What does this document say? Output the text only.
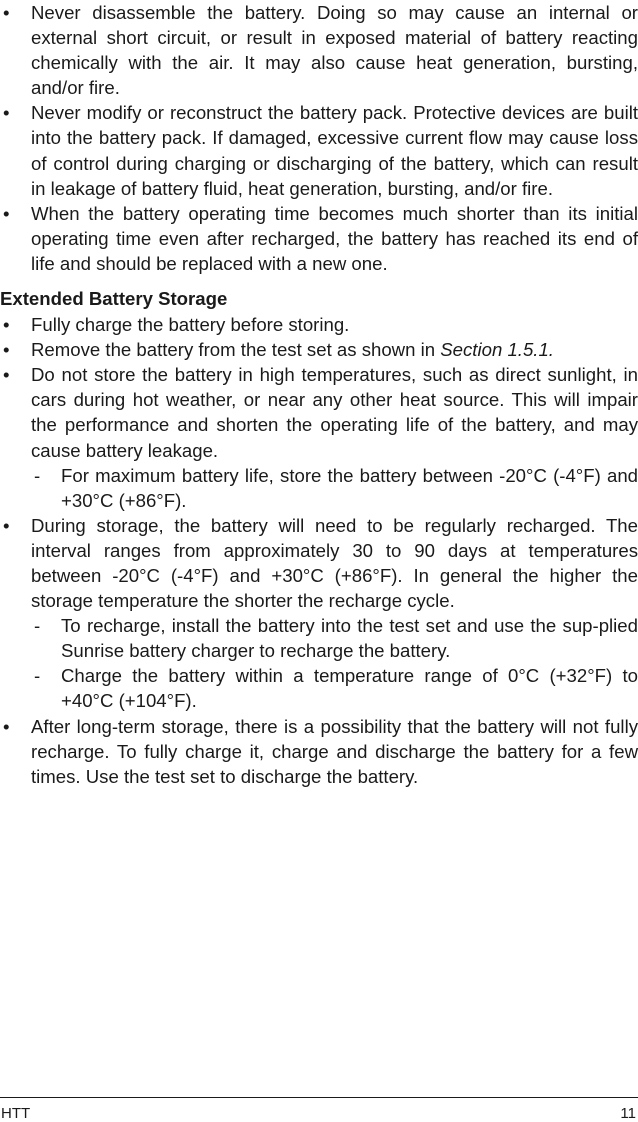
• Never disassemble the battery. Doing so may cause an internal or external short circuit, or result in exposed material of battery reacting chemically with the air. It may also cause heat generation, bursting, and/or fire.
• Never modify or reconstruct the battery pack. Protective devices are built into the battery pack. If damaged, excessive current flow may cause loss of control during charging or discharging of the battery, which can result in leakage of battery fluid, heat generation, bursting, and/or fire.
• When the battery operating time becomes much shorter than its initial operating time even after recharged, the battery has reached its end of life and should be replaced with a new one.
Extended Battery Storage
• Fully charge the battery before storing.
• Remove the battery from the test set as shown in Section 1.5.1.
• Do not store the battery in high temperatures, such as direct sunlight, in cars during hot weather, or near any other heat source. This will impair the performance and shorten the operating life of the battery, and may cause battery leakage.
- For maximum battery life, store the battery between -20°C (-4°F) and +30°C (+86°F).
• During storage, the battery will need to be regularly recharged. The interval ranges from approximately 30 to 90 days at temperatures between -20°C (-4°F) and +30°C (+86°F). In general the higher the storage temperature the shorter the recharge cycle.
- To recharge, install the battery into the test set and use the sup-plied Sunrise battery charger to recharge the battery.
- Charge the battery within a temperature range of 0°C (+32°F) to +40°C (+104°F).
• After long-term storage, there is a possibility that the battery will not fully recharge. To fully charge it, charge and discharge the battery for a few times. Use the test set to discharge the battery.
HTT	11
